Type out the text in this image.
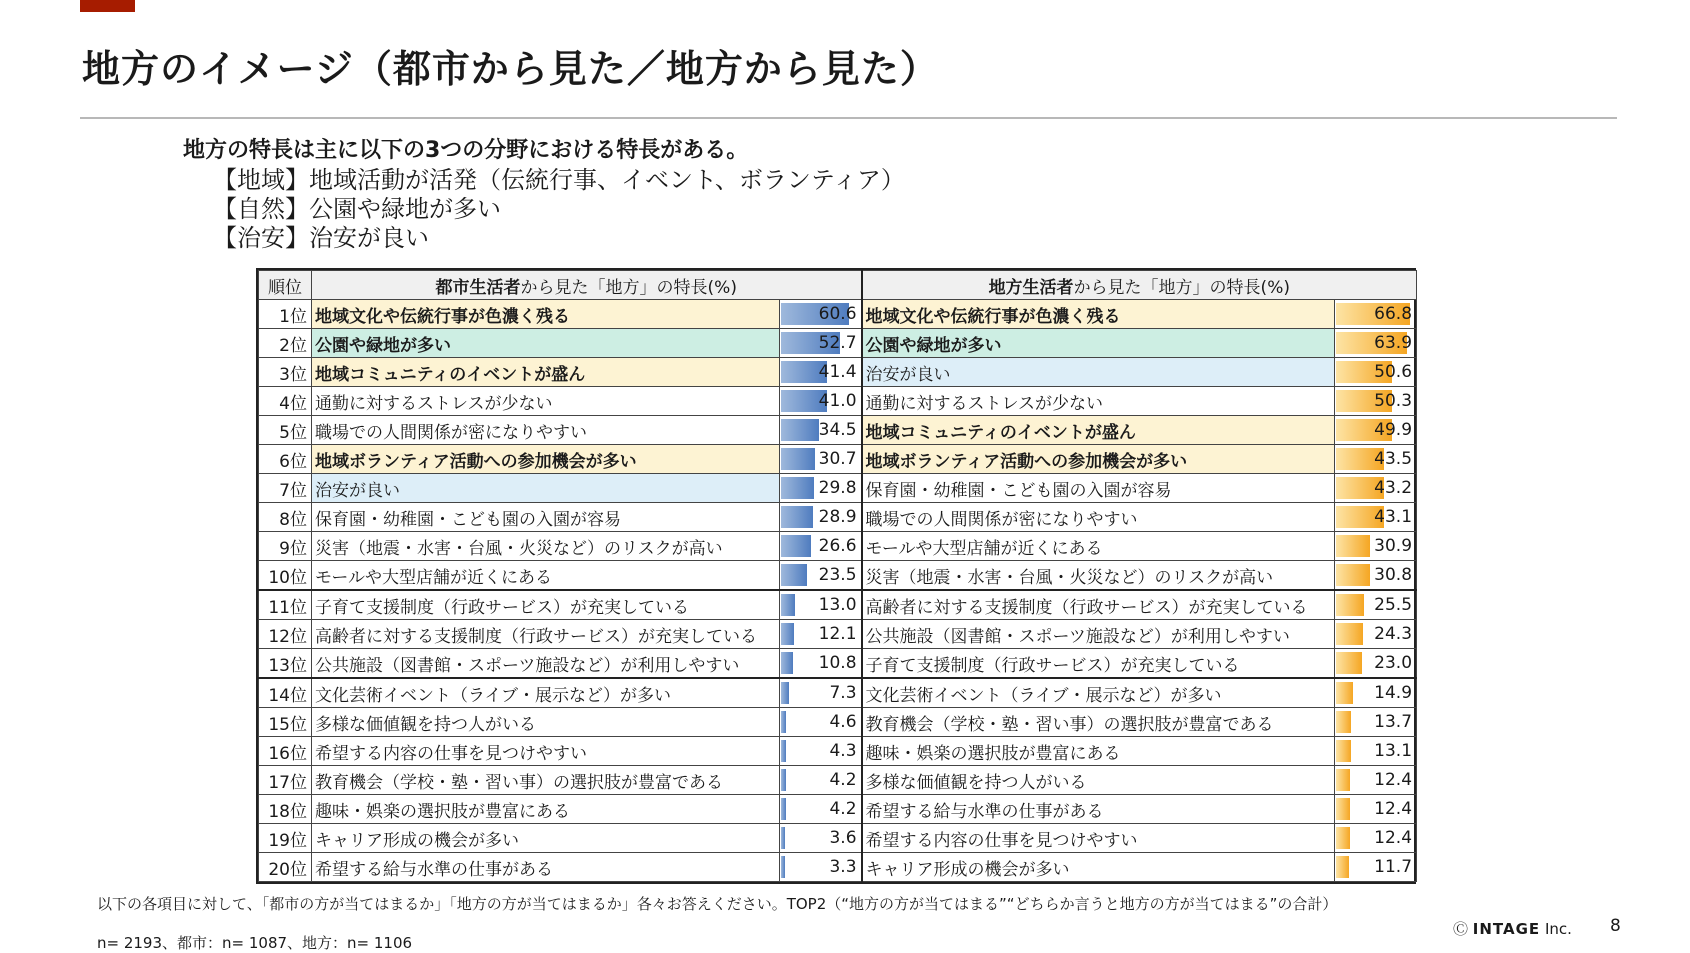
地方のイメージ（都市から見た／地方から見た）
地方の特長は主に以下の3つの分野における特長がある。
【地域】地域活動が活発（伝統行事、イベント、ボランティア）
【自然】公園や緑地が多い
【治安】治安が良い
順位	都市生活者から見た「地方」の特長(%)		地方生活者から見た「地方」の特長(%)	
1位	地域文化や伝統行事が色濃く残る	60.6	地域文化や伝統行事が色濃く残る	66.8
2位	公園や緑地が多い	52.7	公園や緑地が多い	63.9
3位	地域コミュニティのイベントが盛ん	41.4	治安が良い	50.6
4位	通勤に対するストレスが少ない	41.0	通勤に対するストレスが少ない	50.3
5位	職場での人間関係が密になりやすい	34.5	地域コミュニティのイベントが盛ん	49.9
6位	地域ボランティア活動への参加機会が多い	30.7	地域ボランティア活動への参加機会が多い	43.5
7位	治安が良い	29.8	保育園・幼稚園・こども園の入園が容易	43.2
8位	保育園・幼稚園・こども園の入園が容易	28.9	職場での人間関係が密になりやすい	43.1
9位	災害（地震・水害・台風・火災など）のリスクが高い	26.6	モールや大型店舗が近くにある	30.9
10位	モールや大型店舗が近くにある	23.5	災害（地震・水害・台風・火災など）のリスクが高い	30.8
11位	子育て支援制度（行政サービス）が充実している	13.0	高齢者に対する支援制度（行政サービス）が充実している	25.5
12位	高齢者に対する支援制度（行政サービス）が充実している	12.1	公共施設（図書館・スポーツ施設など）が利用しやすい	24.3
13位	公共施設（図書館・スポーツ施設など）が利用しやすい	10.8	子育て支援制度（行政サービス）が充実している	23.0
14位	文化芸術イベント（ライブ・展示など）が多い	7.3	文化芸術イベント（ライブ・展示など）が多い	14.9
15位	多様な価値観を持つ人がいる	4.6	教育機会（学校・塾・習い事）の選択肢が豊富である	13.7
16位	希望する内容の仕事を見つけやすい	4.3	趣味・娯楽の選択肢が豊富にある	13.1
17位	教育機会（学校・塾・習い事）の選択肢が豊富である	4.2	多様な価値観を持つ人がいる	12.4
18位	趣味・娯楽の選択肢が豊富にある	4.2	希望する給与水準の仕事がある	12.4
19位	キャリア形成の機会が多い	3.6	希望する内容の仕事を見つけやすい	12.4
20位	希望する給与水準の仕事がある	3.3	キャリア形成の機会が多い	11.7
以下の各項目に対して、「都市の方が当てはまるか」「地方の方が当てはまるか」各々お答えください。TOP2（“地方の方が当てはまる”“どちらか言うと地方の方が当てはまる”の合計）
n= 2193、都市：n= 1087、地方：n= 1106
Ⓒ INTAGE Inc. 8
